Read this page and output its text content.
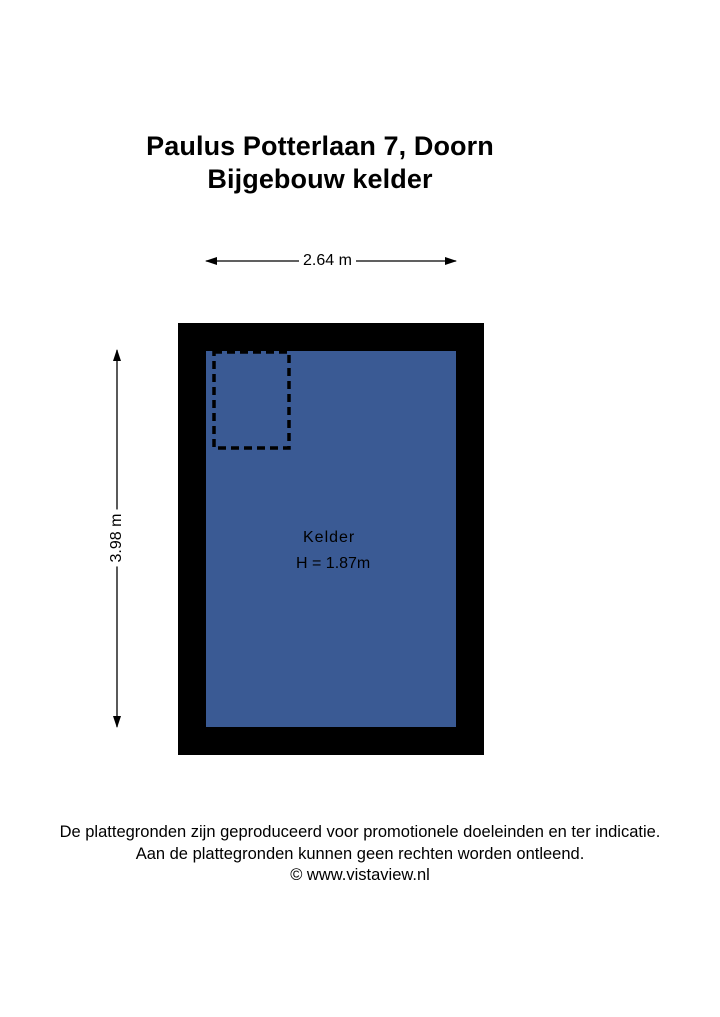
Paulus Potterlaan 7, Doorn
Bijgebouw kelder
2.64 m
3.98 m	Kelder
H = 1.87m
De plattegronden zijn geproduceerd voor promotionele doeleinden en ter indicatie.
Aan de plattegronden kunnen geen rechten worden ontleend.
© www.vistaview.nl
